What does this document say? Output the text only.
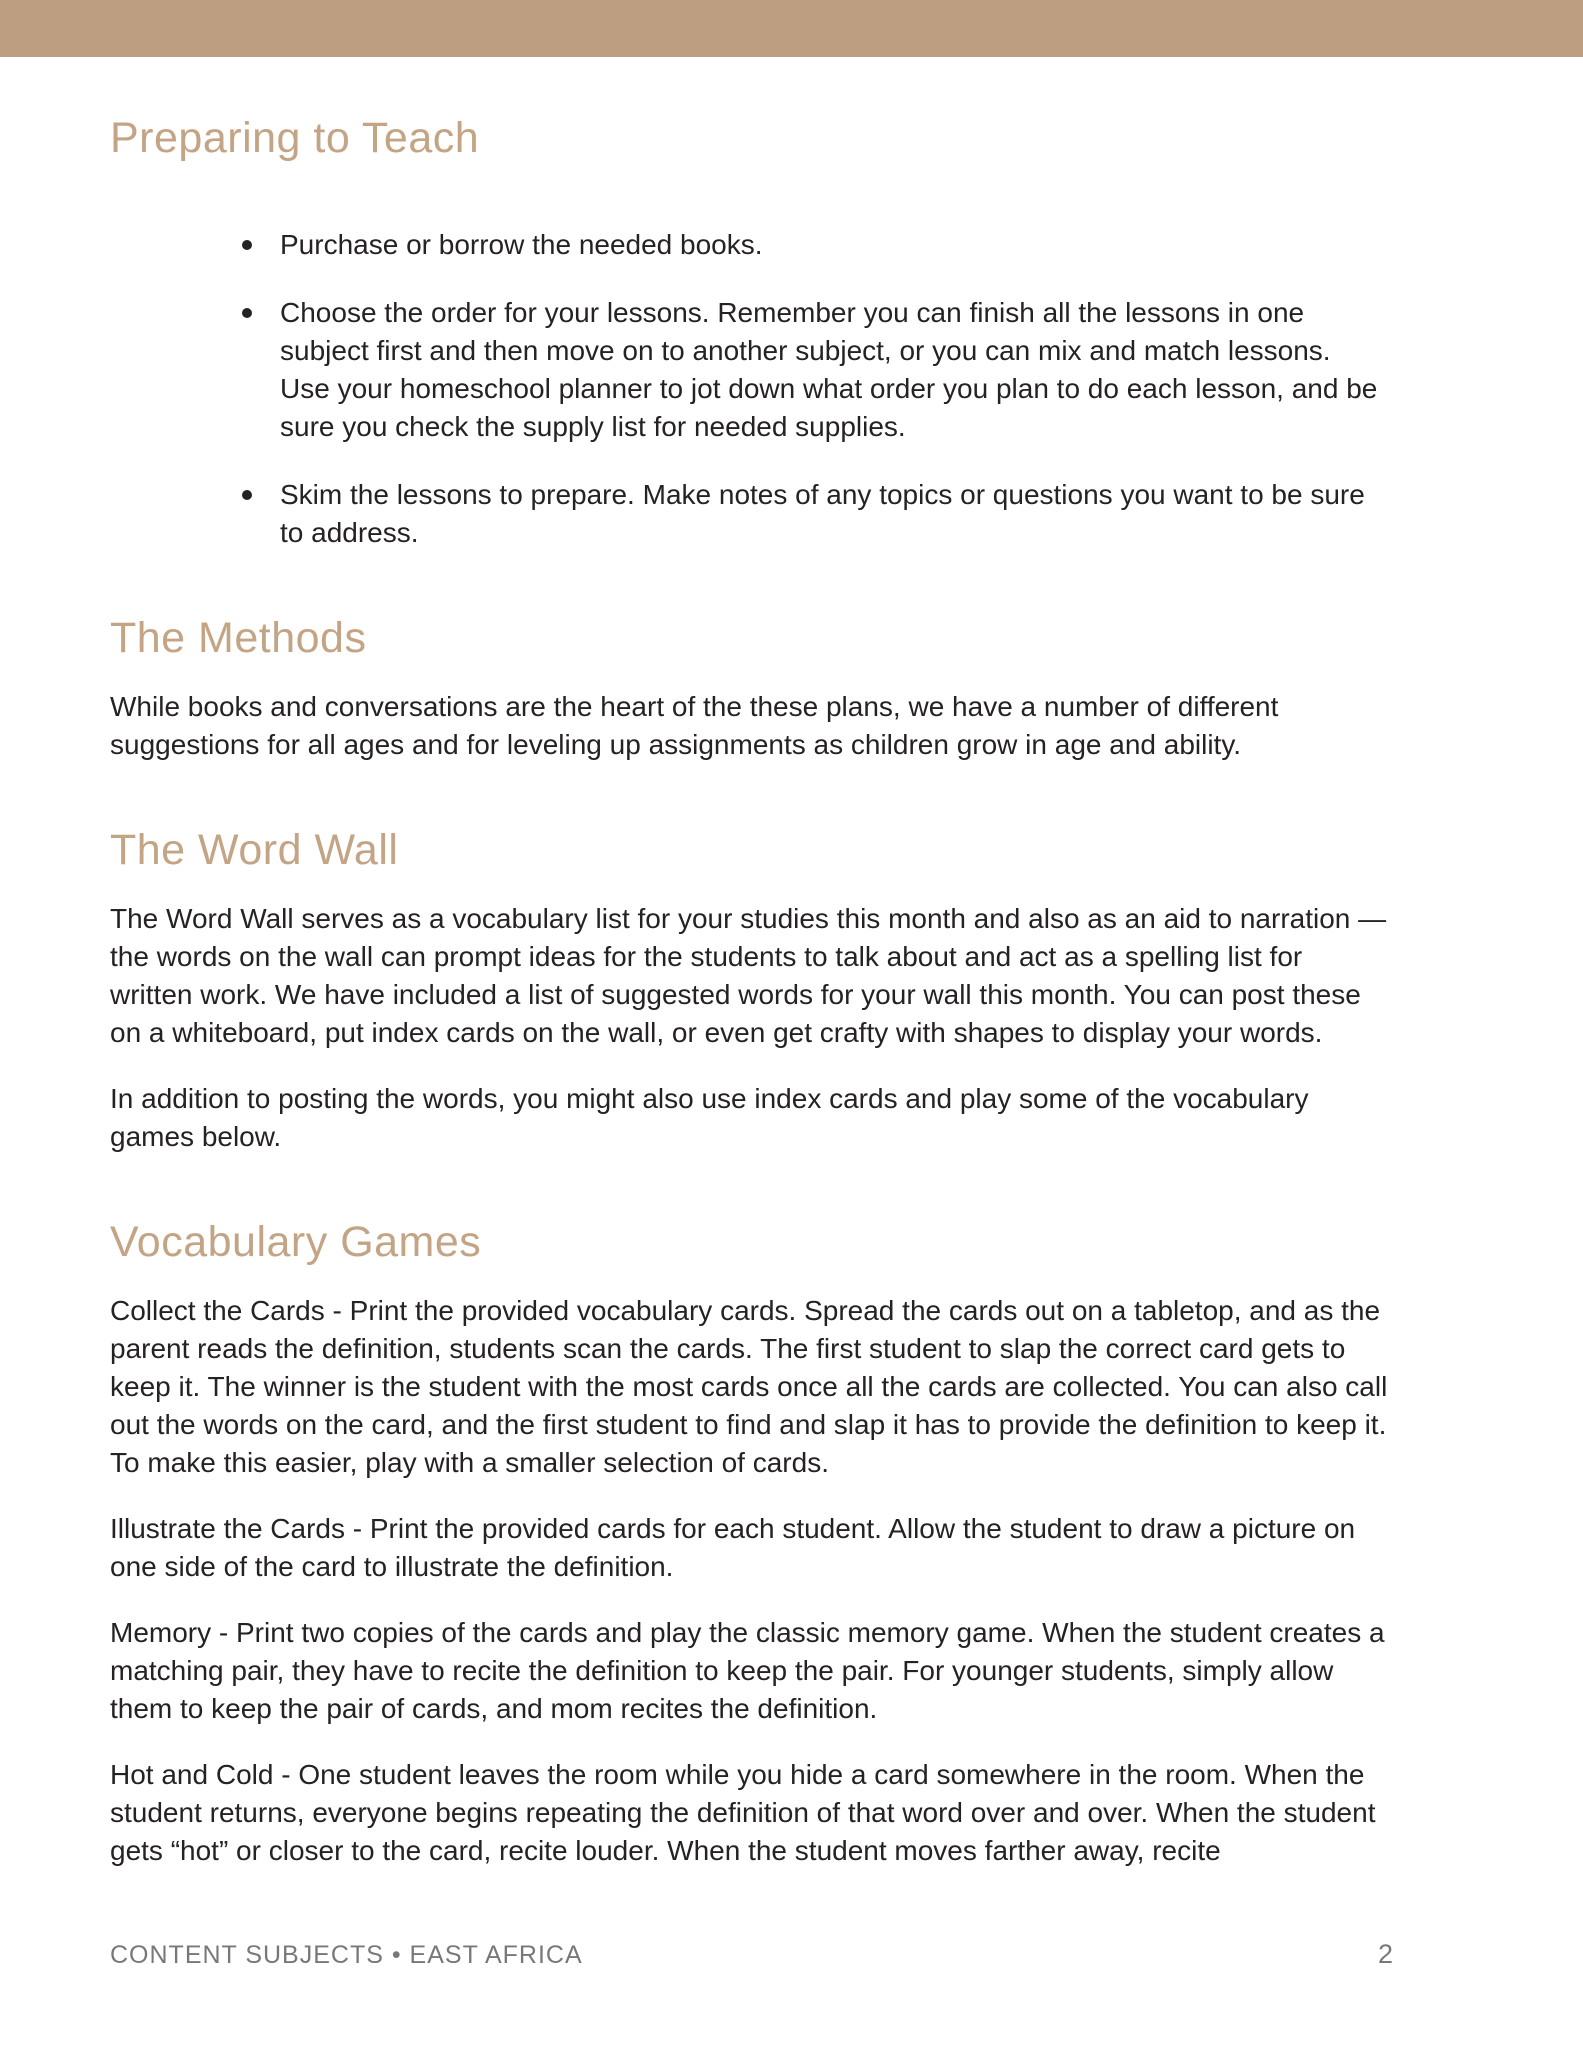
Preparing to Teach
Purchase or borrow the needed books.
Choose the order for your lessons. Remember you can finish all the lessons in one subject first and then move on to another subject, or you can mix and match lessons. Use your homeschool planner to jot down what order you plan to do each lesson, and be sure you check the supply list for needed supplies.
Skim the lessons to prepare. Make notes of any topics or questions you want to be sure to address.
The Methods

While books and conversations are the heart of the these plans, we have a number of different suggestions for all ages and for leveling up assignments as children grow in age and ability.

The Word Wall

The Word Wall serves as a vocabulary list for your studies this month and also as an aid to narration — the words on the wall can prompt ideas for the students to talk about and act as a spelling list for written work. We have included a list of suggested words for your wall this month. You can post these on a whiteboard, put index cards on the wall, or even get crafty with shapes to display your words.

In addition to posting the words, you might also use index cards and play some of the vocabulary games below.

Vocabulary Games

Collect the Cards - Print the provided vocabulary cards. Spread the cards out on a tabletop, and as the parent reads the definition, students scan the cards. The first student to slap the correct card gets to keep it. The winner is the student with the most cards once all the cards are collected. You can also call out the words on the card, and the first student to find and slap it has to provide the definition to keep it. To make this easier, play with a smaller selection of cards.

Illustrate the Cards - Print the provided cards for each student. Allow the student to draw a picture on one side of the card to illustrate the definition.

Memory - Print two copies of the cards and play the classic memory game. When the student creates a matching pair, they have to recite the definition to keep the pair. For younger students, simply allow them to keep the pair of cards, and mom recites the definition.

Hot and Cold - One student leaves the room while you hide a card somewhere in the room. When the student returns, everyone begins repeating the definition of that word over and over. When the student gets “hot” or closer to the card, recite louder. When the student moves farther away, recite

CONTENT SUBJECTS • EAST AFRICA	2
